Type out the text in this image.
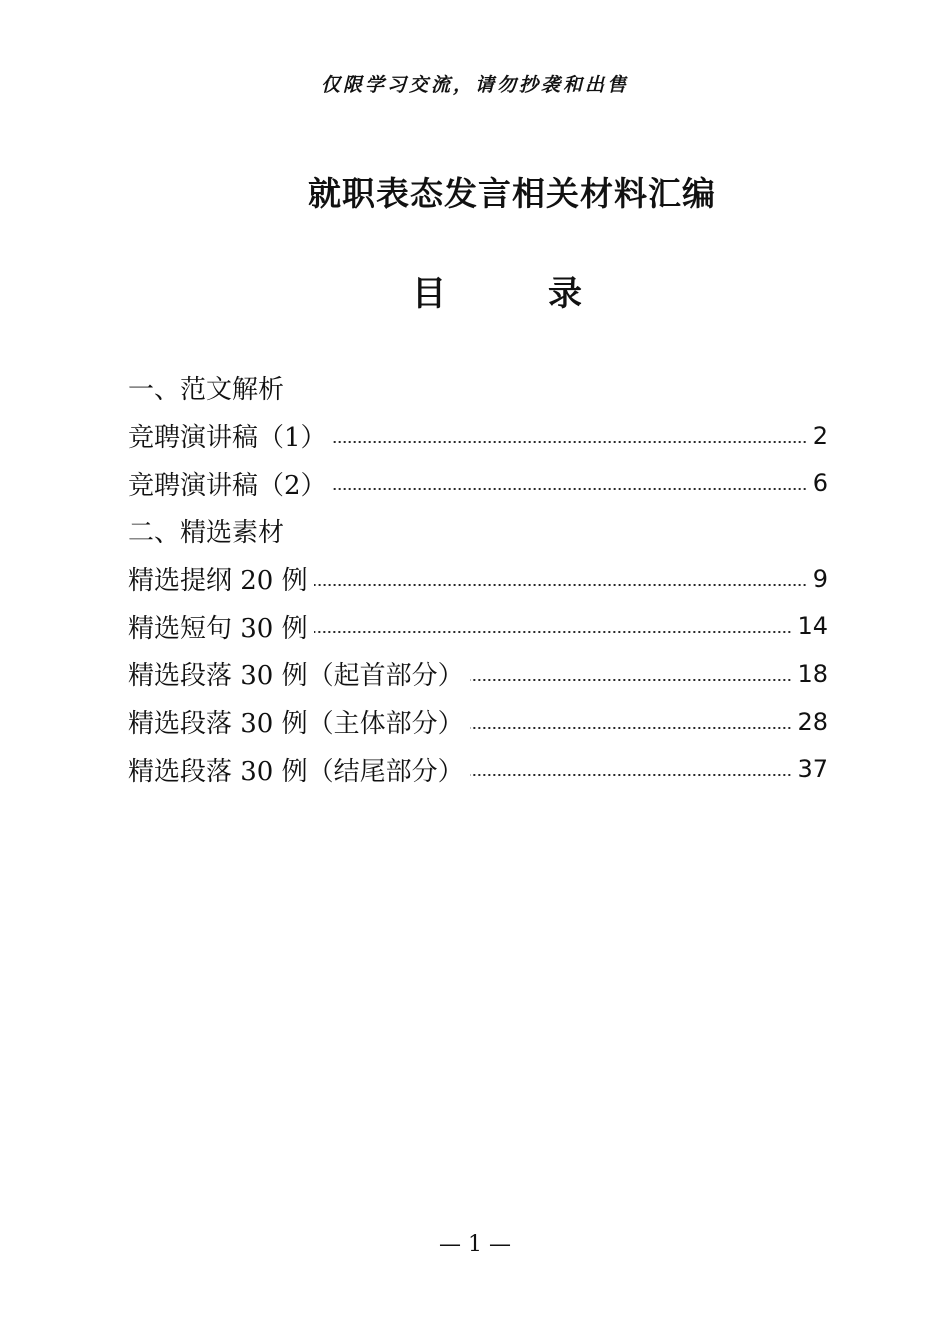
仅限学习交流，请勿抄袭和出售
就职表态发言相关材料汇编
目　录
一、范文解析
竞聘演讲稿（1）	2
竞聘演讲稿（2）	6
二、精选素材
精选提纲 20 例	9
精选短句 30 例	14
精选段落 30 例（起首部分）	18
精选段落 30 例（主体部分）	28
精选段落 30 例（结尾部分）	37
— 1 —
